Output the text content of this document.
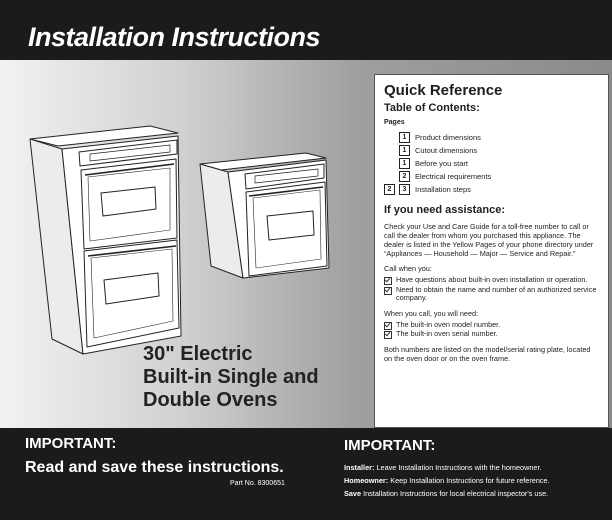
Installation Instructions
30" Electric
Built-in Single and
Double Ovens
Quick Reference
Table of Contents:
Pages
1	Product dimensions
1	Cutout dimensions
1	Before you start
2	Electrical requirements
2	3	Installation steps
If you need assistance:
Check your Use and Care Guide for a toll-free number to call or call the dealer from whom you purchased this appliance. The dealer is listed in the Yellow Pages of your phone directory under “Appliances — Household — Major — Service and Repair.”
Call when you:
Have questions about built-in oven installation or operation.
Need to obtain the name and number of an authorized service company.
When you call, you will need:
The built-in oven model number.
The built-in oven serial number.
Both numbers are listed on the model/serial rating plate, located on the oven door or on the oven frame.
IMPORTANT:
Read and save these instructions.
Part No. 8300651
IMPORTANT:
Installer: Leave Installation Instructions with the homeowner.
Homeowner: Keep Installation Instructions for future reference.
Save Installation Instructions for local electrical inspector's use.
